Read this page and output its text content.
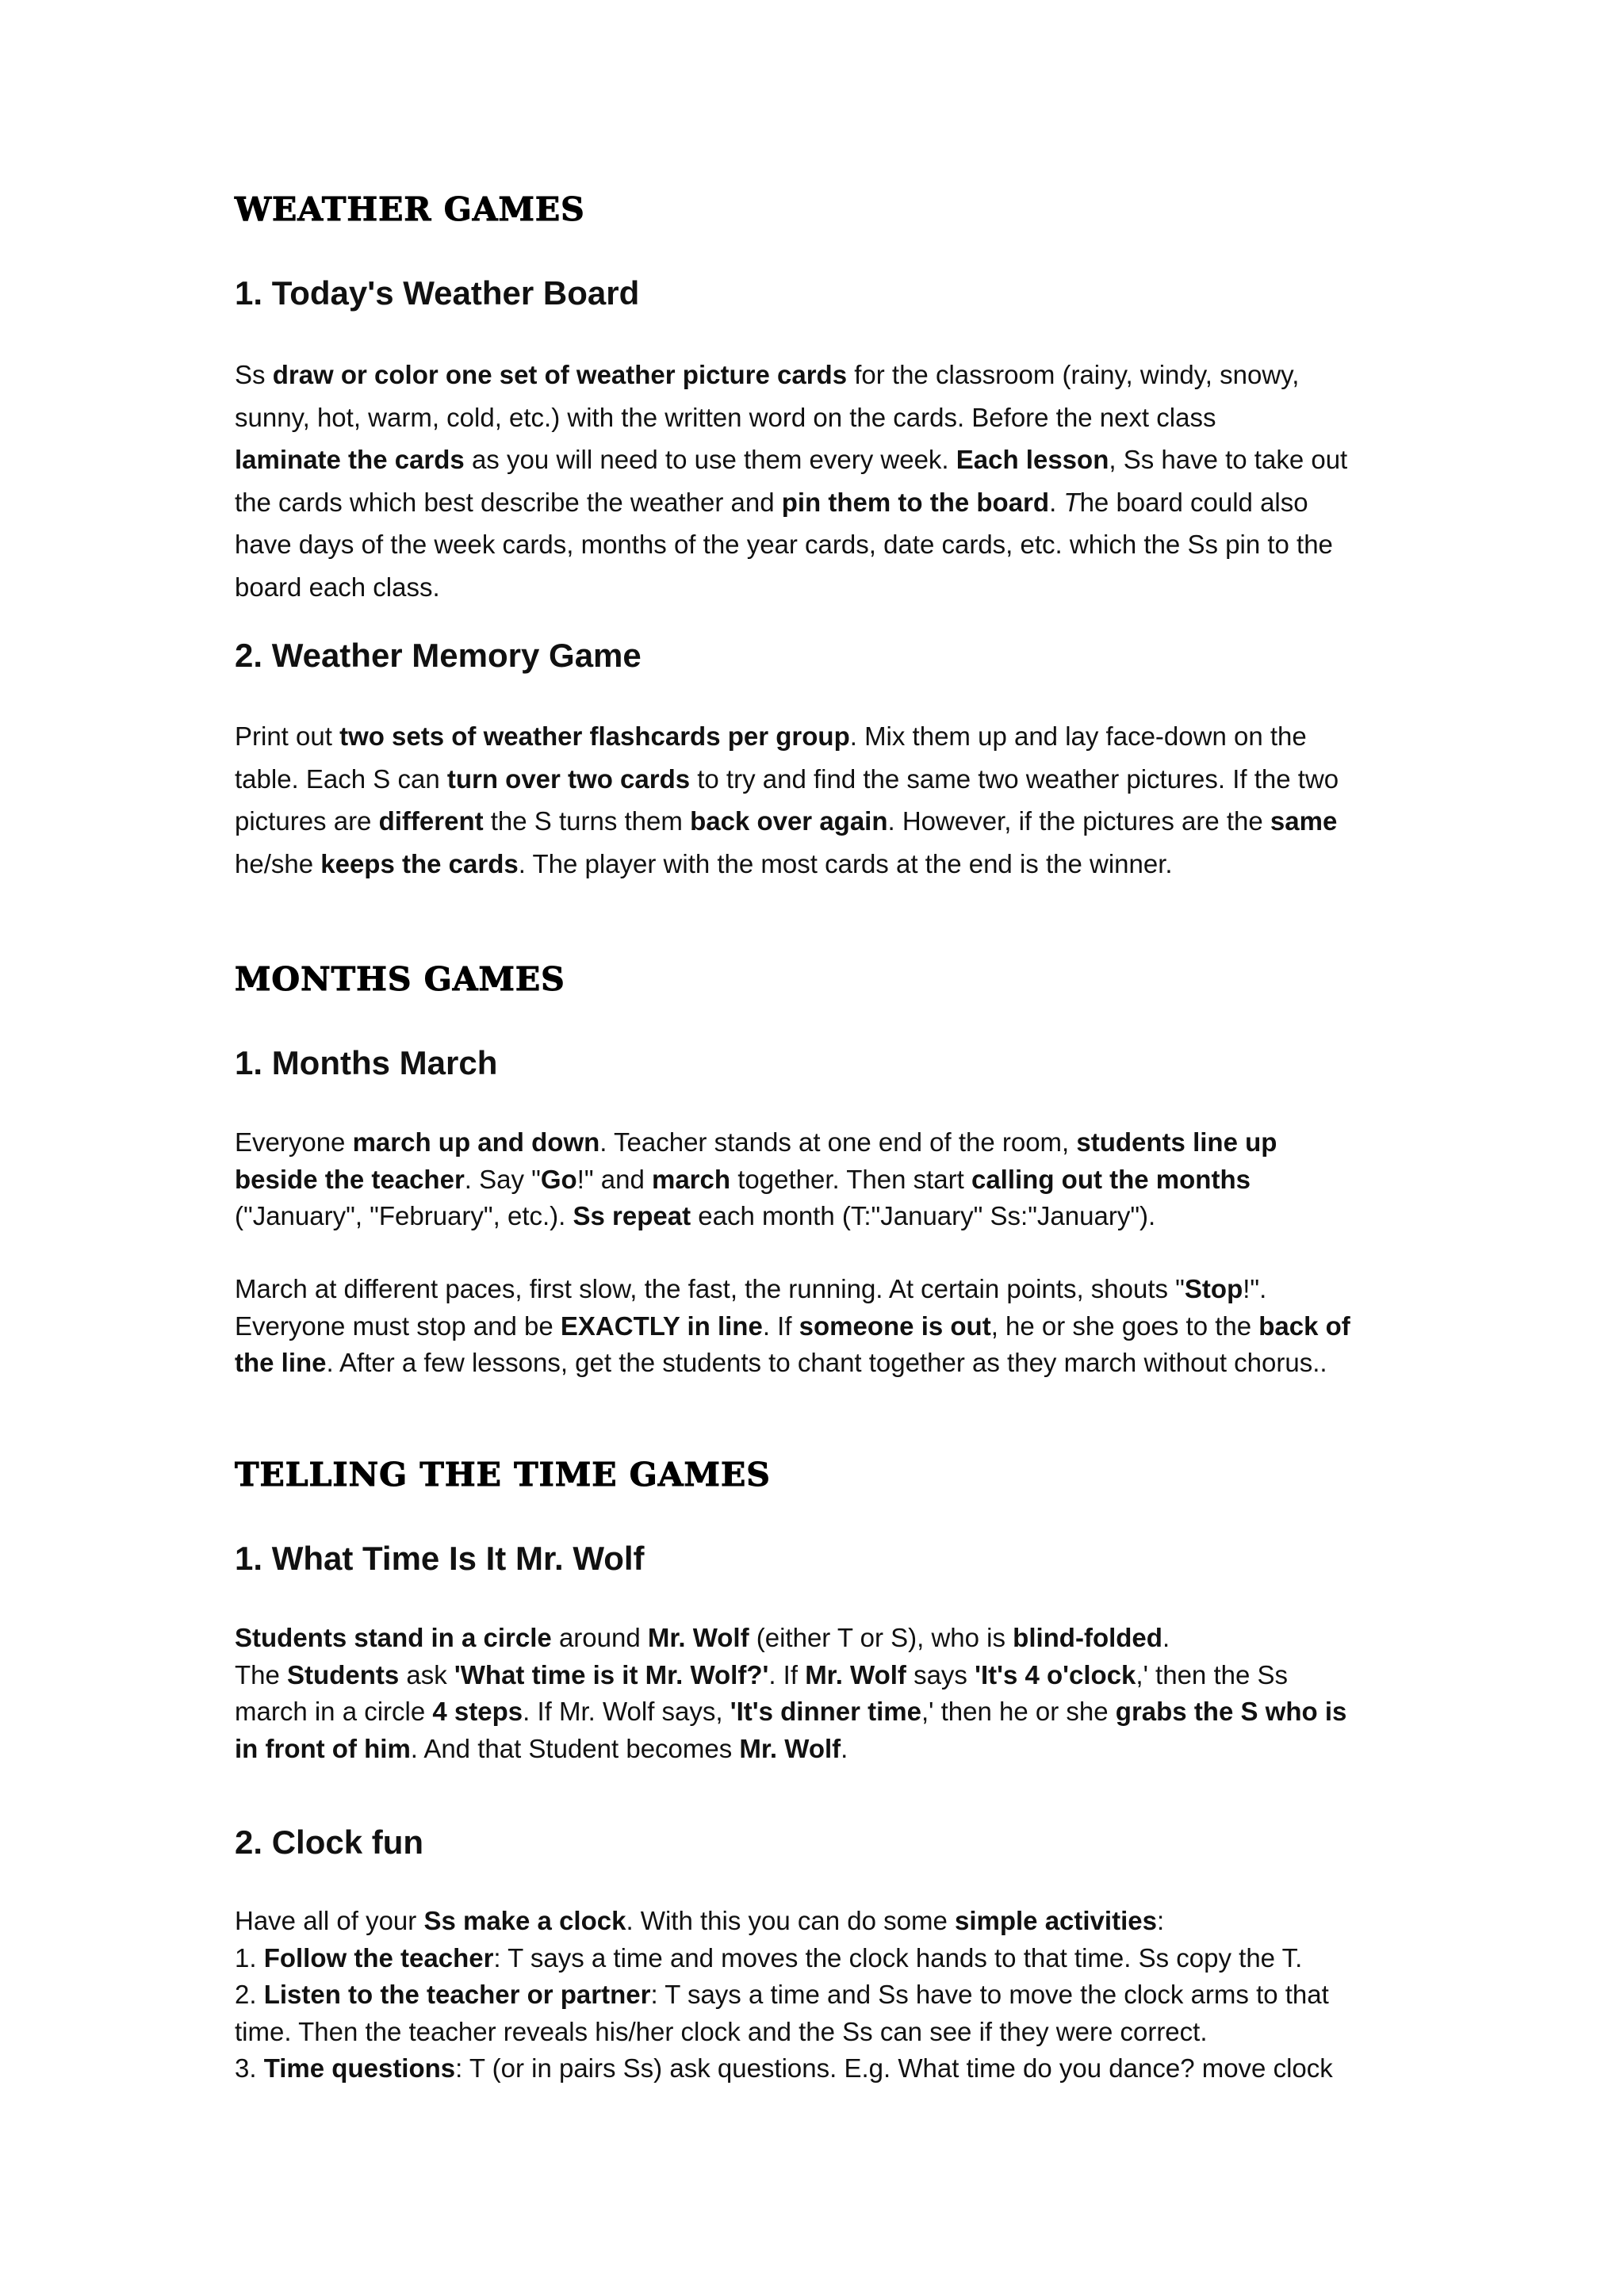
WEATHER GAMES
1. Today's Weather Board

Ss draw or color one set of weather picture cards for the classroom (rainy, windy, snowy,
sunny, hot, warm, cold, etc.) with the written word on the cards. Before the next class
laminate the cards as you will need to use them every week. Each lesson, Ss have to take out
the cards which best describe the weather and pin them to the board. The board could also
have days of the week cards, months of the year cards, date cards, etc. which the Ss pin to the
board each class.

2. Weather Memory Game

Print out two sets of weather flashcards per group. Mix them up and lay face-down on the
table. Each S can turn over two cards to try and find the same two weather pictures. If the two
pictures are different the S turns them back over again. However, if the pictures are the same
he/she keeps the cards. The player with the most cards at the end is the winner.

MONTHS GAMES
1. Months March

Everyone march up and down. Teacher stands at one end of the room, students line up
beside the teacher. Say "Go!" and march together. Then start calling out the months
("January", "February", etc.). Ss repeat each month (T:"January" Ss:"January").

March at different paces, first slow, the fast, the running. At certain points, shouts "Stop!".
Everyone must stop and be EXACTLY in line. If someone is out, he or she goes to the back of
the line. After a few lessons, get the students to chant together as they march without chorus..

TELLING THE TIME GAMES
1. What Time Is It Mr. Wolf

Students stand in a circle around Mr. Wolf (either T or S), who is blind-folded.
The Students ask 'What time is it Mr. Wolf?'. If Mr. Wolf says 'It's 4 o'clock,' then the Ss
march in a circle 4 steps. If Mr. Wolf says, 'It's dinner time,' then he or she grabs the S who is
in front of him. And that Student becomes Mr. Wolf.

2. Clock fun

Have all of your Ss make a clock. With this you can do some simple activities:
1. Follow the teacher: T says a time and moves the clock hands to that time. Ss copy the T.
2. Listen to the teacher or partner: T says a time and Ss have to move the clock arms to that
time. Then the teacher reveals his/her clock and the Ss can see if they were correct.
3. Time questions: T (or in pairs Ss) ask questions. E.g. What time do you dance? move clock
